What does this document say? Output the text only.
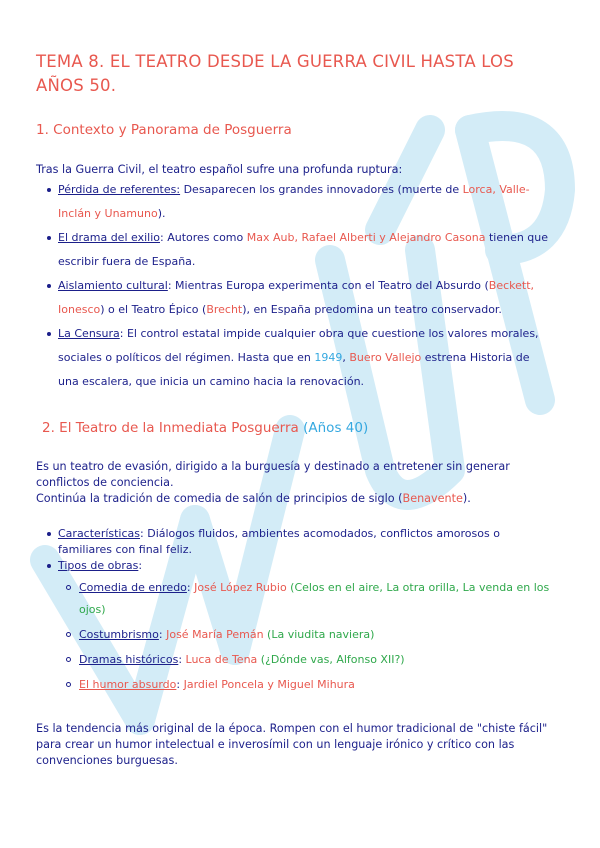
TEMA 8. EL TEATRO DESDE LA GUERRA CIVIL HASTA LOS AÑOS 50.
1. Contexto y Panorama de Posguerra
Tras la Guerra Civil, el teatro español sufre una profunda ruptura:
Pérdida de referentes: Desaparecen los grandes innovadores (muerte de Lorca, Valle-Inclán y Unamuno).
El drama del exilio: Autores como Max Aub, Rafael Alberti y Alejandro Casona tienen que escribir fuera de España.
Aislamiento cultural: Mientras Europa experimenta con el Teatro del Absurdo (Beckett, Ionesco) o el Teatro Épico (Brecht), en España predomina un teatro conservador.
La Censura: El control estatal impide cualquier obra que cuestione los valores morales, sociales o políticos del régimen. Hasta que en 1949, Buero Vallejo estrena Historia de una escalera, que inicia un camino hacia la renovación.
2. El Teatro de la Inmediata Posguerra (Años 40)
Es un teatro de evasión, dirigido a la burguesía y destinado a entretener sin generar conflictos de conciencia.
Continúa la tradición de comedia de salón de principios de siglo (Benavente).
Características: Diálogos fluidos, ambientes acomodados, conflictos amorosos o familiares con final feliz.
Tipos de obras:
Comedia de enredo: José López Rubio (Celos en el aire, La otra orilla, La venda en los ojos)
Costumbrismo: José María Pemán (La viudita naviera)
Dramas históricos: Luca de Tena (¿Dónde vas, Alfonso XII?)
El humor absurdo: Jardiel Poncela y Miguel Mihura
Es la tendencia más original de la época. Rompen con el humor tradicional de "chiste fácil" para crear un humor intelectual e inverosímil con un lenguaje irónico y crítico con las convenciones burguesas.
